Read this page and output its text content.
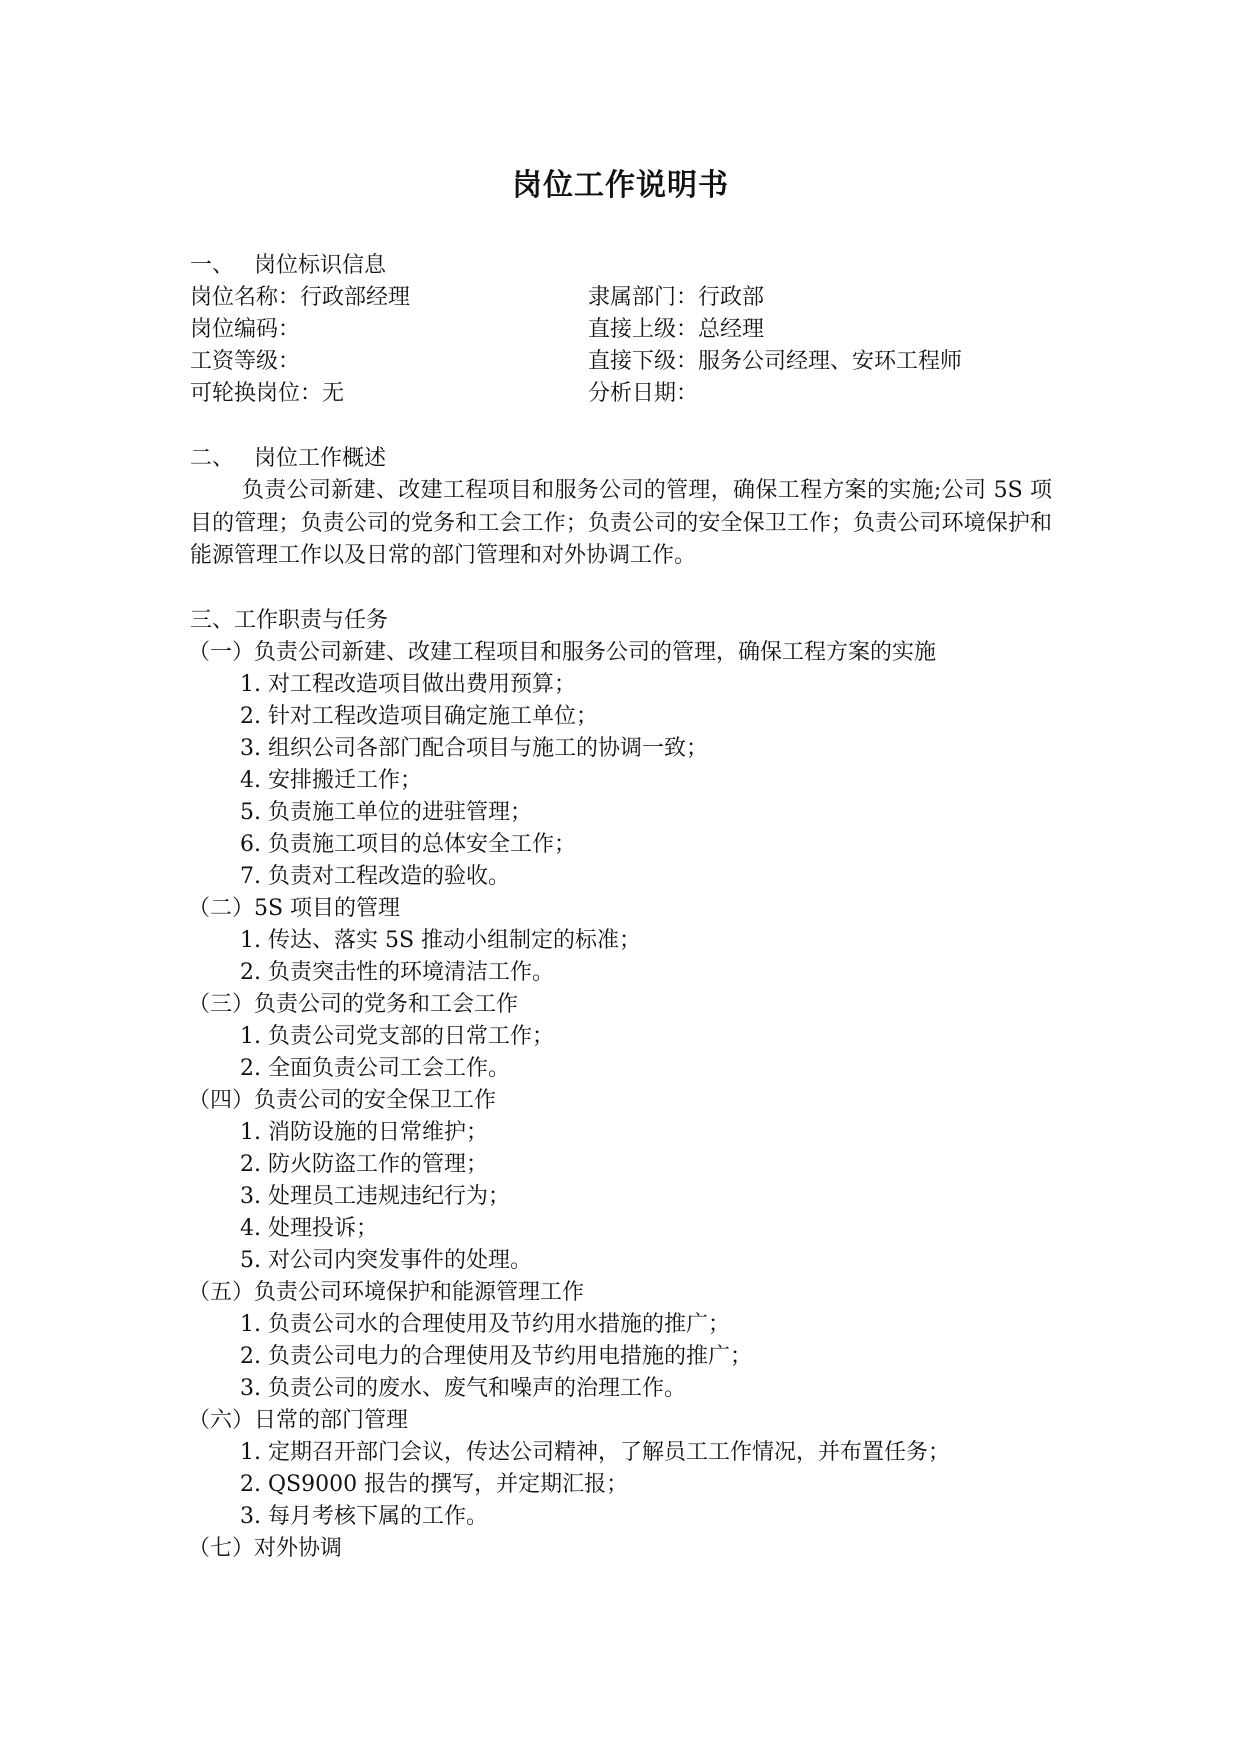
岗位工作说明书
一、 岗位标识信息
岗位名称：行政部经理	隶属部门：行政部
岗位编码：	直接上级：总经理
工资等级：	直接下级：服务公司经理、安环工程师
可轮换岗位：无	分析日期：
二、 岗位工作概述
负责公司新建、改建工程项目和服务公司的管理，确保工程方案的实施;公司 5S 项目的管理；负责公司的党务和工会工作；负责公司的安全保卫工作；负责公司环境保护和能源管理工作以及日常的部门管理和对外协调工作。
三、工作职责与任务
（一）负责公司新建、改建工程项目和服务公司的管理，确保工程方案的实施
1. 对工程改造项目做出费用预算；
2. 针对工程改造项目确定施工单位；
3. 组织公司各部门配合项目与施工的协调一致；
4. 安排搬迁工作；
5. 负责施工单位的进驻管理；
6. 负责施工项目的总体安全工作；
7. 负责对工程改造的验收。
（二）5S 项目的管理
1. 传达、落实 5S 推动小组制定的标准；
2. 负责突击性的环境清洁工作。
（三）负责公司的党务和工会工作
1. 负责公司党支部的日常工作；
2. 全面负责公司工会工作。
（四）负责公司的安全保卫工作
1. 消防设施的日常维护；
2. 防火防盗工作的管理；
3. 处理员工违规违纪行为；
4. 处理投诉；
5. 对公司内突发事件的处理。
（五）负责公司环境保护和能源管理工作
1. 负责公司水的合理使用及节约用水措施的推广；
2. 负责公司电力的合理使用及节约用电措施的推广；
3. 负责公司的废水、废气和噪声的治理工作。
（六）日常的部门管理
1. 定期召开部门会议，传达公司精神，了解员工工作情况，并布置任务；
2. QS9000 报告的撰写，并定期汇报；
3. 每月考核下属的工作。
（七）对外协调
